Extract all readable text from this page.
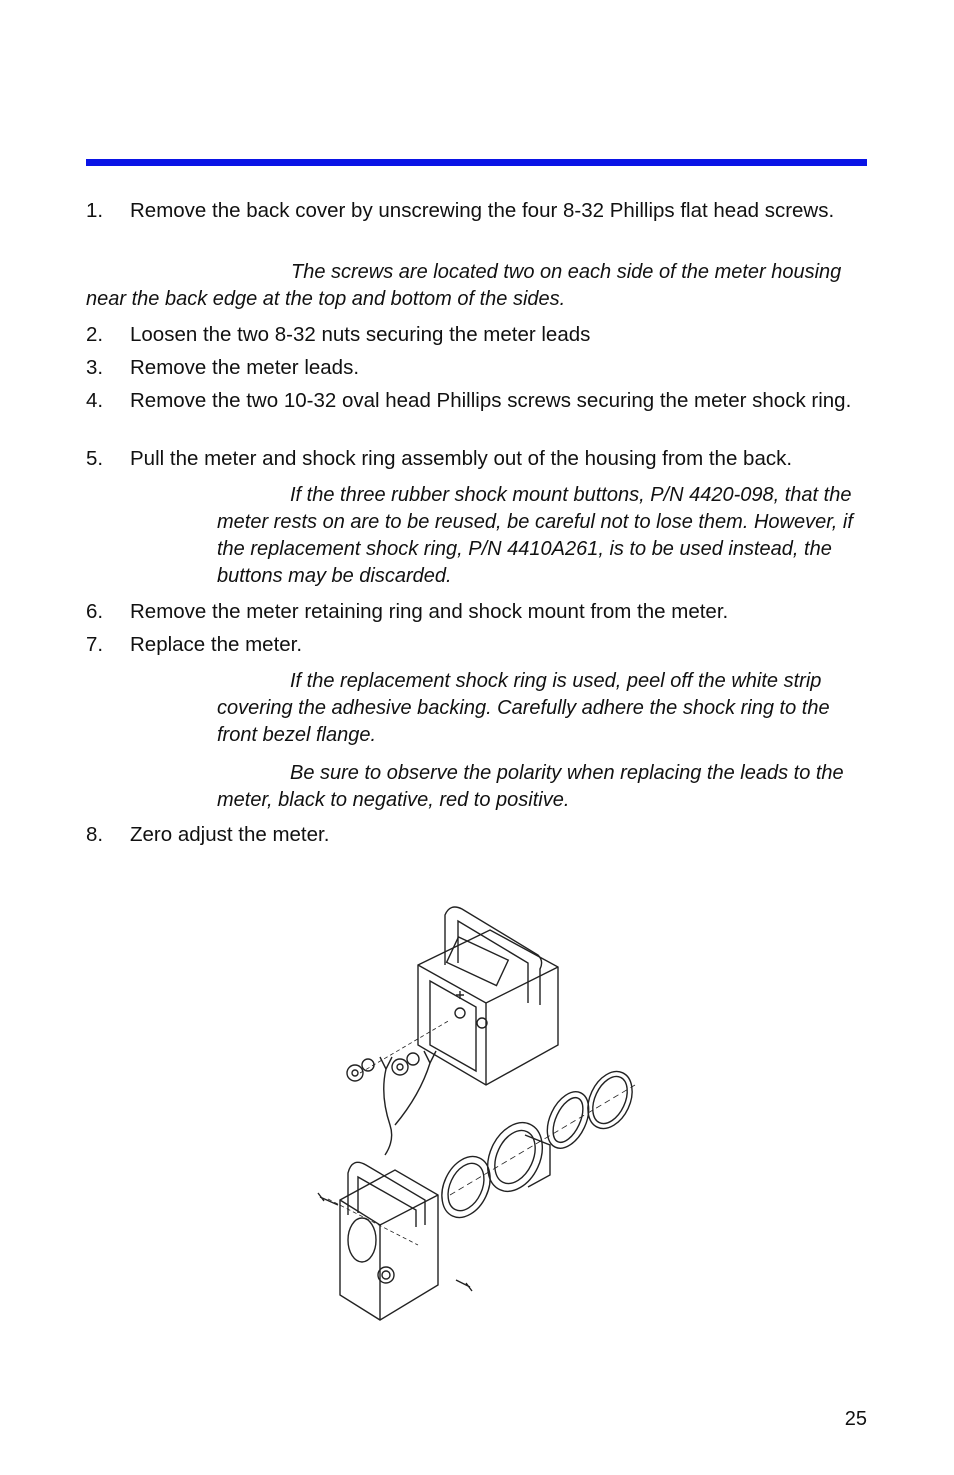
1. Remove the back cover by unscrewing the four 8-32 Phillips flat head screws.
The screws are located two on each side of the meter housing near the back edge at the top and bottom of the sides.
2. Loosen the two 8-32 nuts securing the meter leads
3. Remove the meter leads.
4. Remove the two 10-32 oval head Phillips screws securing the meter shock ring.
5. Pull the meter and shock ring assembly out of the housing from the back.
If the three rubber shock mount buttons, P/N 4420-098, that the meter rests on are to be reused, be careful not to lose them. However, if the replacement shock ring, P/N 4410A261, is to be used instead, the buttons may be discarded.
6. Remove the meter retaining ring and shock mount from the meter.
7. Replace the meter.
If the replacement shock ring is used, peel off the white strip covering the adhesive backing. Carefully adhere the shock ring to the front bezel flange.
Be sure to observe the polarity when replacing the leads to the meter, black to negative, red to positive.
8. Zero adjust the meter.
25
